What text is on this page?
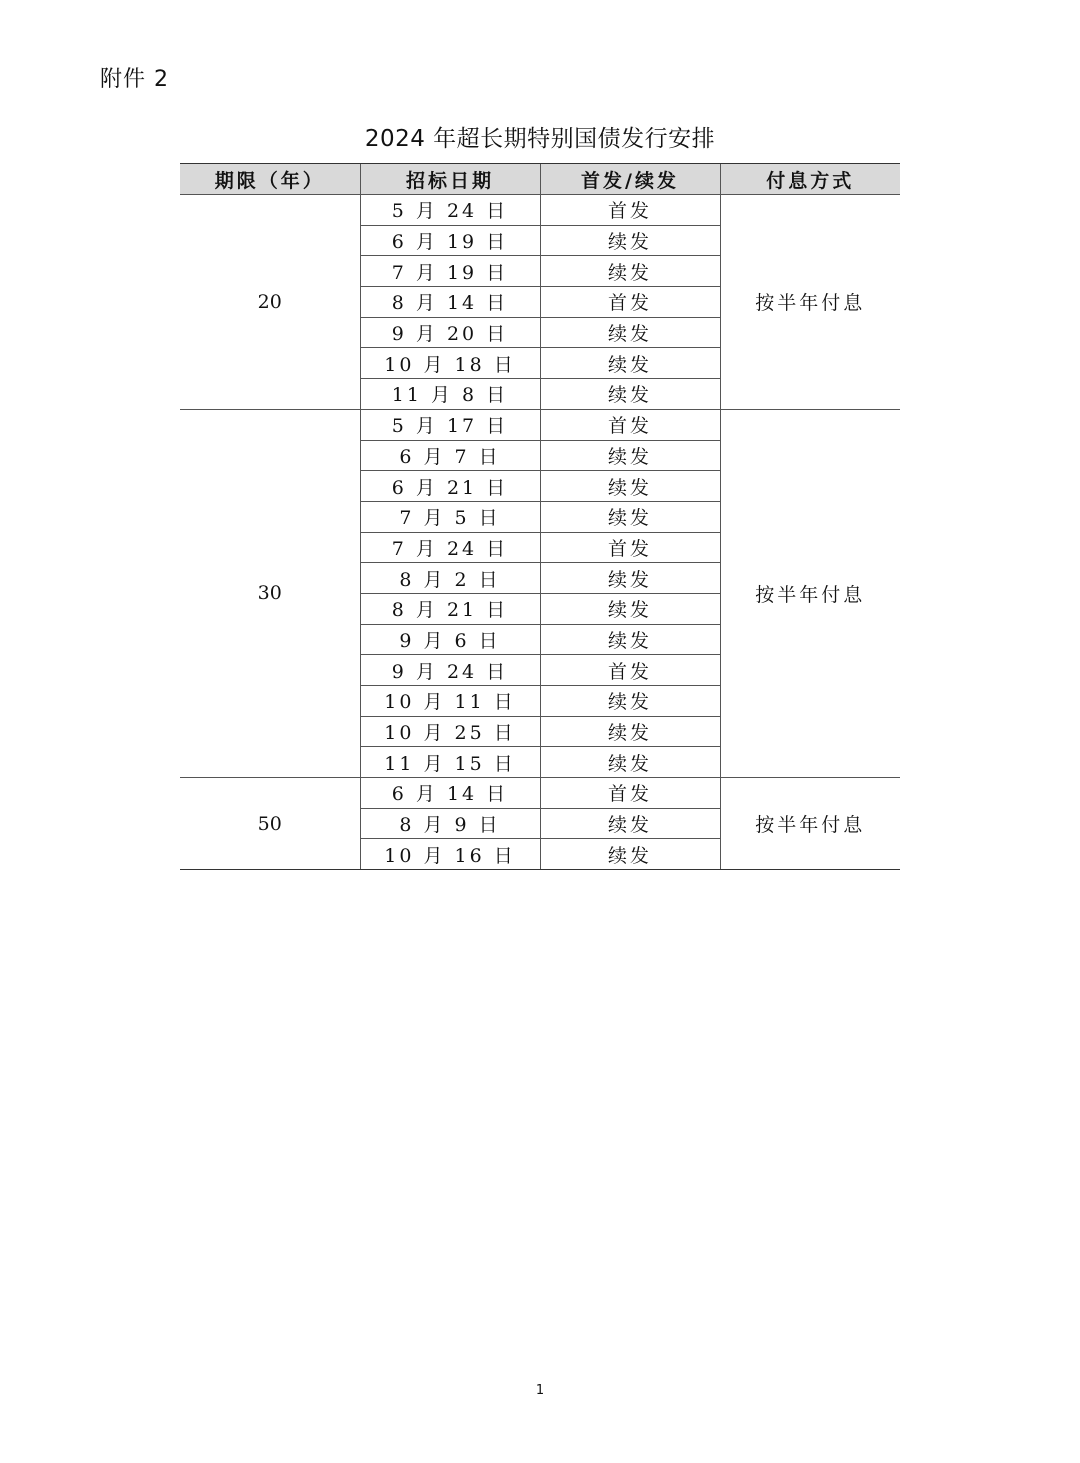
附件 2
2024 年超长期特别国债发行安排
期限（年）	招标日期	首发/续发	付息方式
20	5 月 24 日	首发	按半年付息
	6 月 19 日	续发	
	7 月 19 日	续发	
	8 月 14 日	首发	
	9 月 20 日	续发	
	10 月 18 日	续发	
	11 月 8 日	续发	
30	5 月 17 日	首发	按半年付息
	6 月 7 日	续发	
	6 月 21 日	续发	
	7 月 5 日	续发	
	7 月 24 日	首发	
	8 月 2 日	续发	
	8 月 21 日	续发	
	9 月 6 日	续发	
	9 月 24 日	首发	
	10 月 11 日	续发	
	10 月 25 日	续发	
	11 月 15 日	续发	
50	6 月 14 日	首发	按半年付息
	8 月 9 日	续发	
	10 月 16 日	续发	
1
